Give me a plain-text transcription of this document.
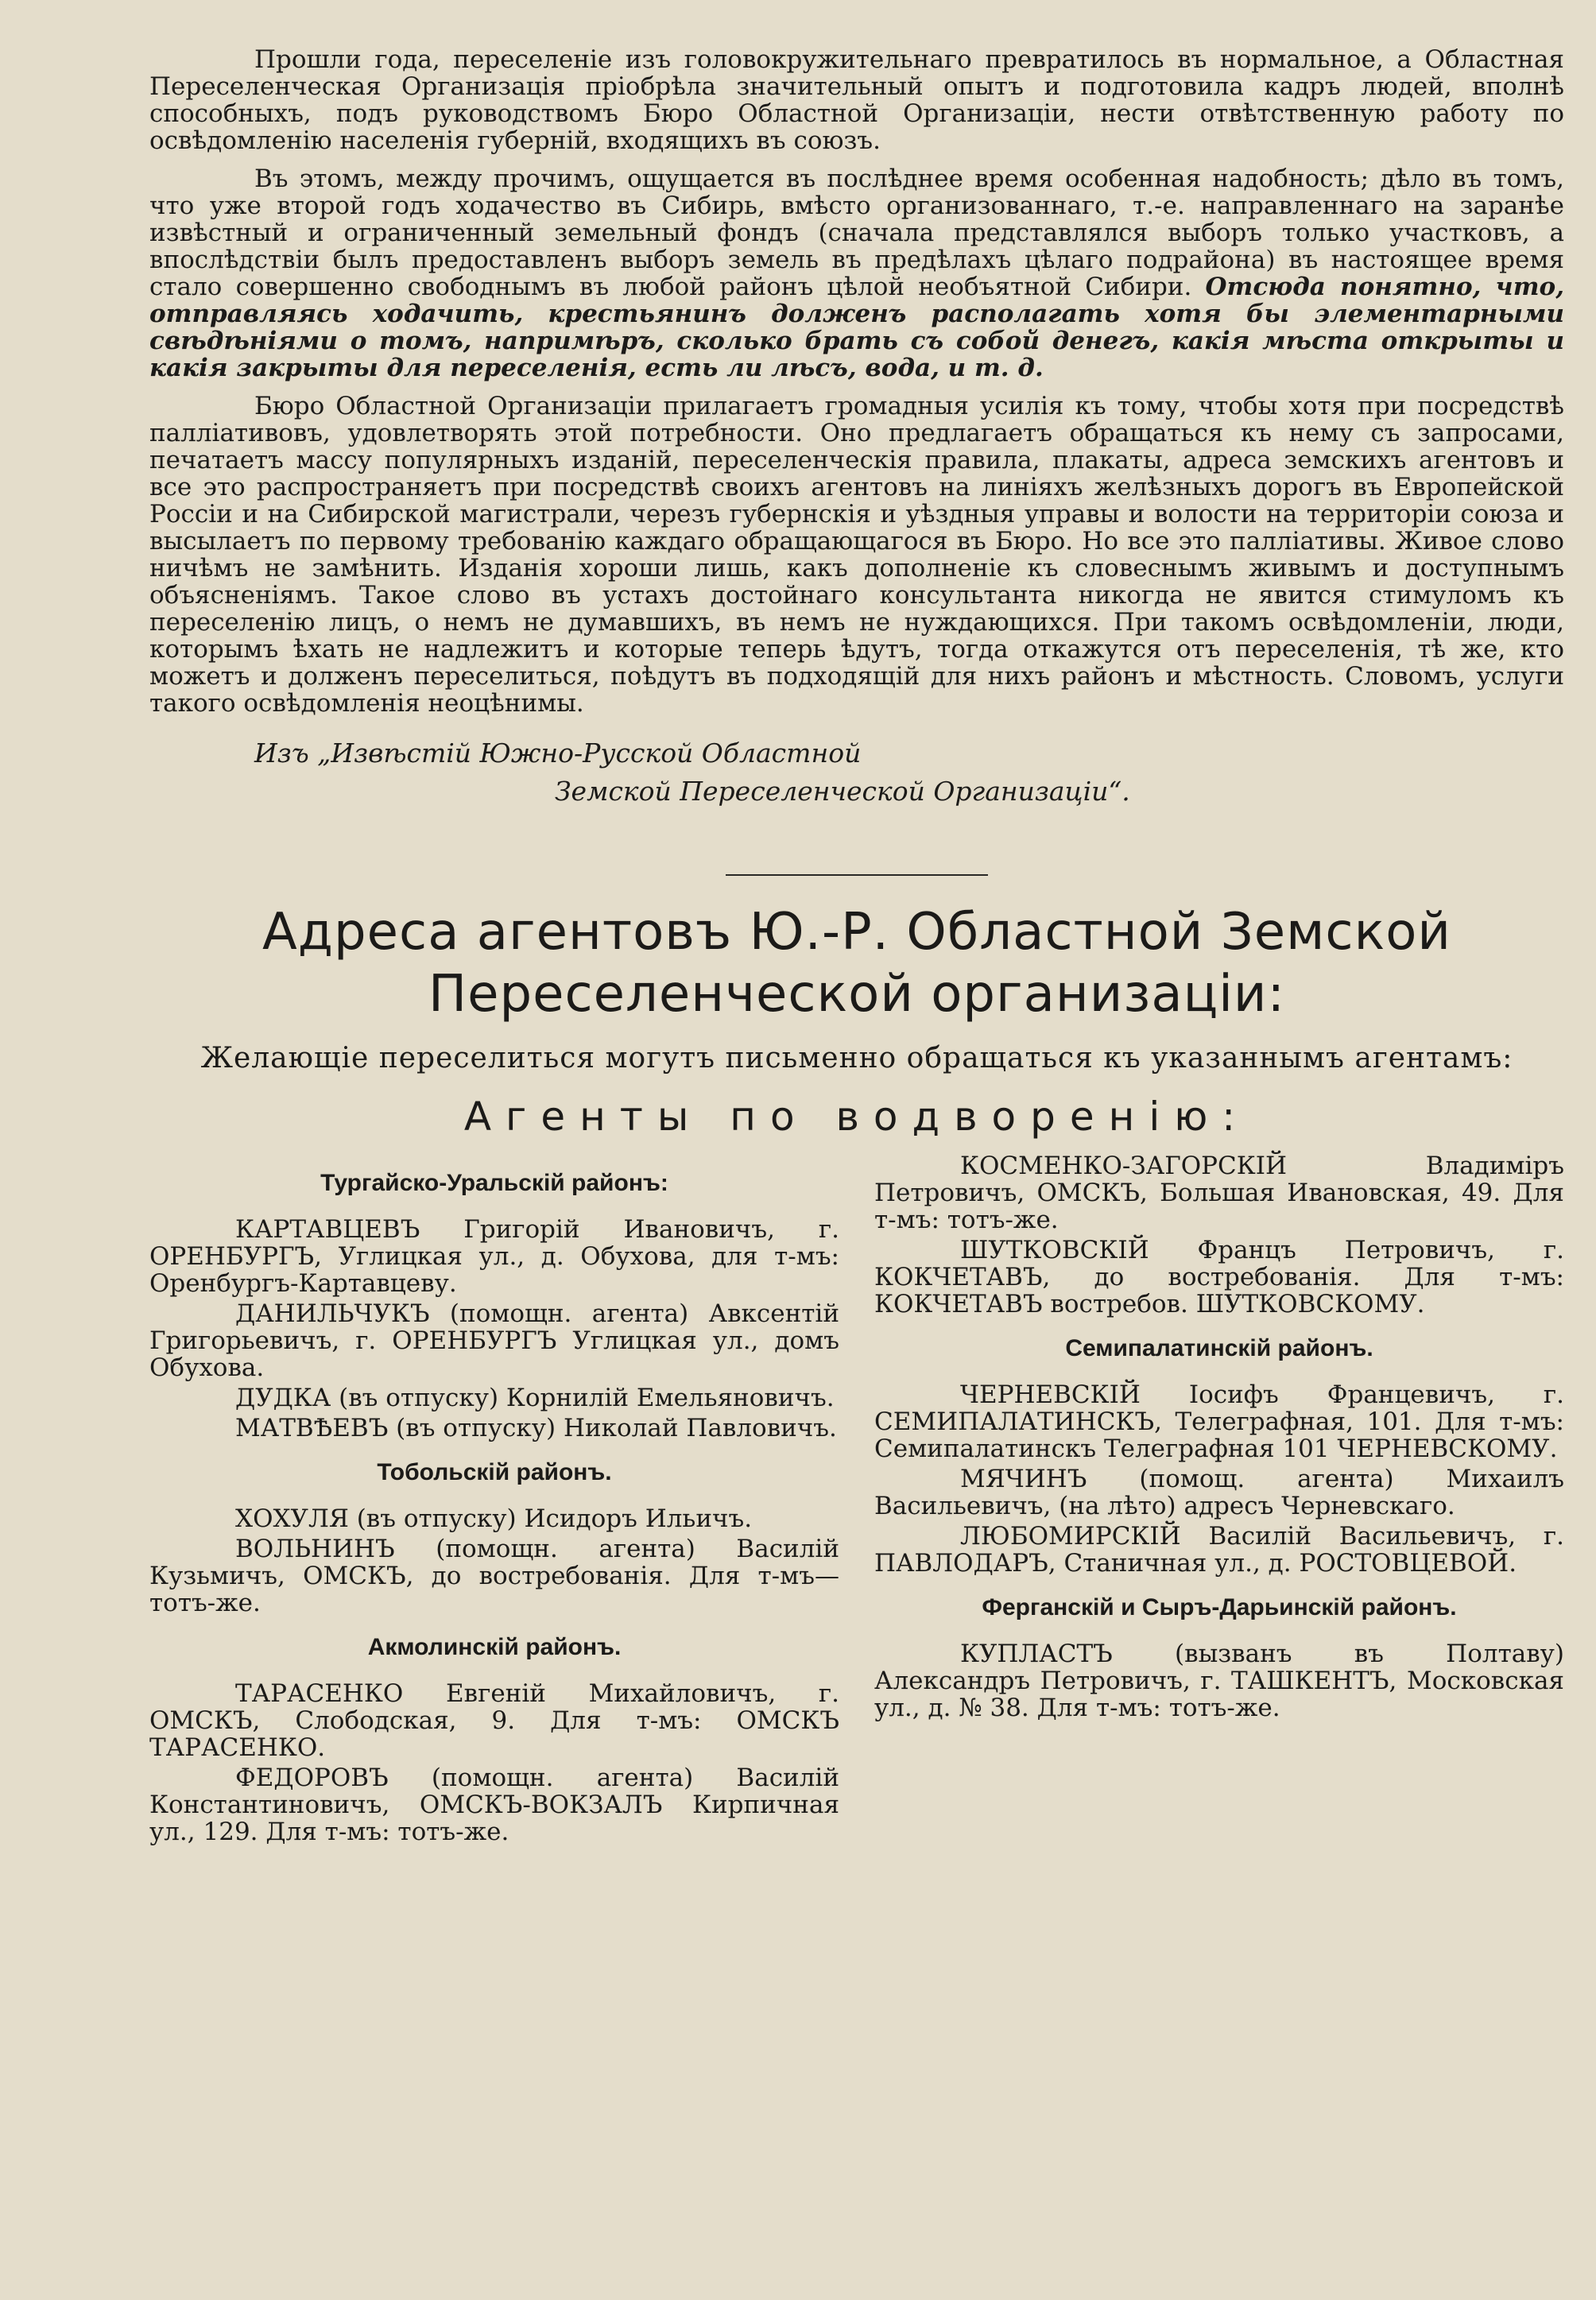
Прошли года, переселеніе изъ головокружительнаго превратилось въ нормальное, а Областная Переселенческая Организація пріобрѣла значительный опытъ и подготовила кадръ людей, вполнѣ способныхъ, подъ руководствомъ Бюро Областной Организаціи, нести отвѣтственную работу по освѣдомленію населенія губерній, входящихъ въ союзъ.

Въ этомъ, между прочимъ, ощущается въ послѣднее время особенная надобность; дѣло въ томъ, что уже второй годъ ходачество въ Сибирь, вмѣсто организованнаго, т.-е. направленнаго на заранѣе извѣстный и ограниченный земельный фондъ (сначала представлялся выборъ только участковъ, а впослѣдствіи былъ предоставленъ выборъ земель въ предѣлахъ цѣлаго подрайона) въ настоящее время стало совершенно свободнымъ въ любой районъ цѣлой необъятной Сибири. Отсюда понятно, что, отправляясь ходачить, крестьянинъ долженъ располагать хотя бы элементарными свѣдѣніями о томъ, напримѣръ, сколько брать съ собой денегъ, какія мѣста открыты и какія закрыты для переселенія, есть ли лѣсъ, вода, и т. д.

Бюро Областной Организаціи прилагаетъ громадныя усилія къ тому, чтобы хотя при посредствѣ палліативовъ, удовлетворять этой потребности. Оно предлагаетъ обращаться къ нему съ запросами, печатаетъ массу популярныхъ изданій, переселенческія правила, плакаты, адреса земскихъ агентовъ и все это распространяетъ при посредствѣ своихъ агентовъ на линіяхъ желѣзныхъ дорогъ въ Европейской Россіи и на Сибирской магистрали, черезъ губернскія и уѣздныя управы и волости на территоріи союза и высылаетъ по первому требованію каждаго обращающагося въ Бюро. Но все это палліативы. Живое слово ничѣмъ не замѣнить. Изданія хороши лишь, какъ дополненіе къ словеснымъ живымъ и доступнымъ объясненіямъ. Такое слово въ устахъ достойнаго консультанта никогда не явится стимуломъ къ переселенію лицъ, о немъ не думавшихъ, въ немъ не нуждающихся. При такомъ освѣдомленіи, люди, которымъ ѣхать не надлежитъ и которые теперь ѣдутъ, тогда откажутся отъ переселенія, тѣ же, кто можетъ и долженъ переселиться, поѣдутъ въ подходящій для нихъ районъ и мѣстность. Словомъ, услуги такого освѣдомленія неоцѣнимы.

Изъ „Извѣстій Южно-Русской Областной
Земской Переселенческой Организаціи“.
Адреса агентовъ Ю.-Р. Областной Земской Переселенческой организаціи:

Желающіе переселиться могутъ письменно обращаться къ указаннымъ агентамъ:

Агенты по водворенію:
Тургайско-Уральскій районъ:

КАРТАВЦЕВЪ Григорій Ивановичъ, г. ОРЕНБУРГЪ, Углицкая ул., д. Обухова, для т-мъ: Оренбургъ-Картавцеву.

ДАНИЛЬЧУКЪ (помощн. агента) Авксентій Григорьевичъ, г. ОРЕНБУРГЪ Углицкая ул., домъ Обухова.

ДУДКА (въ отпуску) Корнилій Емельяновичъ.

МАТВѢЕВЪ (въ отпуску) Николай Павловичъ.

Тобольскій районъ.

ХОХУЛЯ (въ отпуску) Исидоръ Ильичъ.

ВОЛЬНИНЪ (помощн. агента) Василій Кузьмичъ, ОМСКЪ, до востребованія. Для т-мъ—тотъ-же.

Акмолинскій районъ.

ТАРАСЕНКО Евгеній Михайловичъ, г. ОМСКЪ, Слободская, 9. Для т-мъ: ОМСКЪ ТАРАСЕНКО.

ФЕДОРОВЪ (помощн. агента) Василій Константиновичъ, ОМСКЪ-ВОКЗАЛЪ Кирпичная ул., 129. Для т-мъ: тотъ-же.

КОСМЕНКО-ЗАГОРСКІЙ Владиміръ Петровичъ, ОМСКЪ, Большая Ивановская, 49. Для т-мъ: тотъ-же.

ШУТКОВСКІЙ Францъ Петровичъ, г. КОКЧЕТАВЪ, до востребованія. Для т-мъ: КОКЧЕТАВЪ востребов. ШУТКОВСКОМУ.

Семипалатинскій районъ.

ЧЕРНЕВСКІЙ Іосифъ Францевичъ, г. СЕМИПАЛАТИНСКЪ, Телеграфная, 101. Для т-мъ: Семипалатинскъ Телеграфная 101 ЧЕРНЕВСКОМУ.

МЯЧИНЪ (помощ. агента) Михаилъ Васильевичъ, (на лѣто) адресъ Черневскаго.

ЛЮБОМИРСКІЙ Василій Васильевичъ, г. ПАВЛОДАРЪ, Станичная ул., д. РОСТОВЦЕВОЙ.

Ферганскій и Сыръ-Дарьинскій районъ.

КУПЛАСТЪ (вызванъ въ Полтаву) Александръ Петровичъ, г. ТАШКЕНТЪ, Московская ул., д. № 38. Для т-мъ: тотъ-же.
